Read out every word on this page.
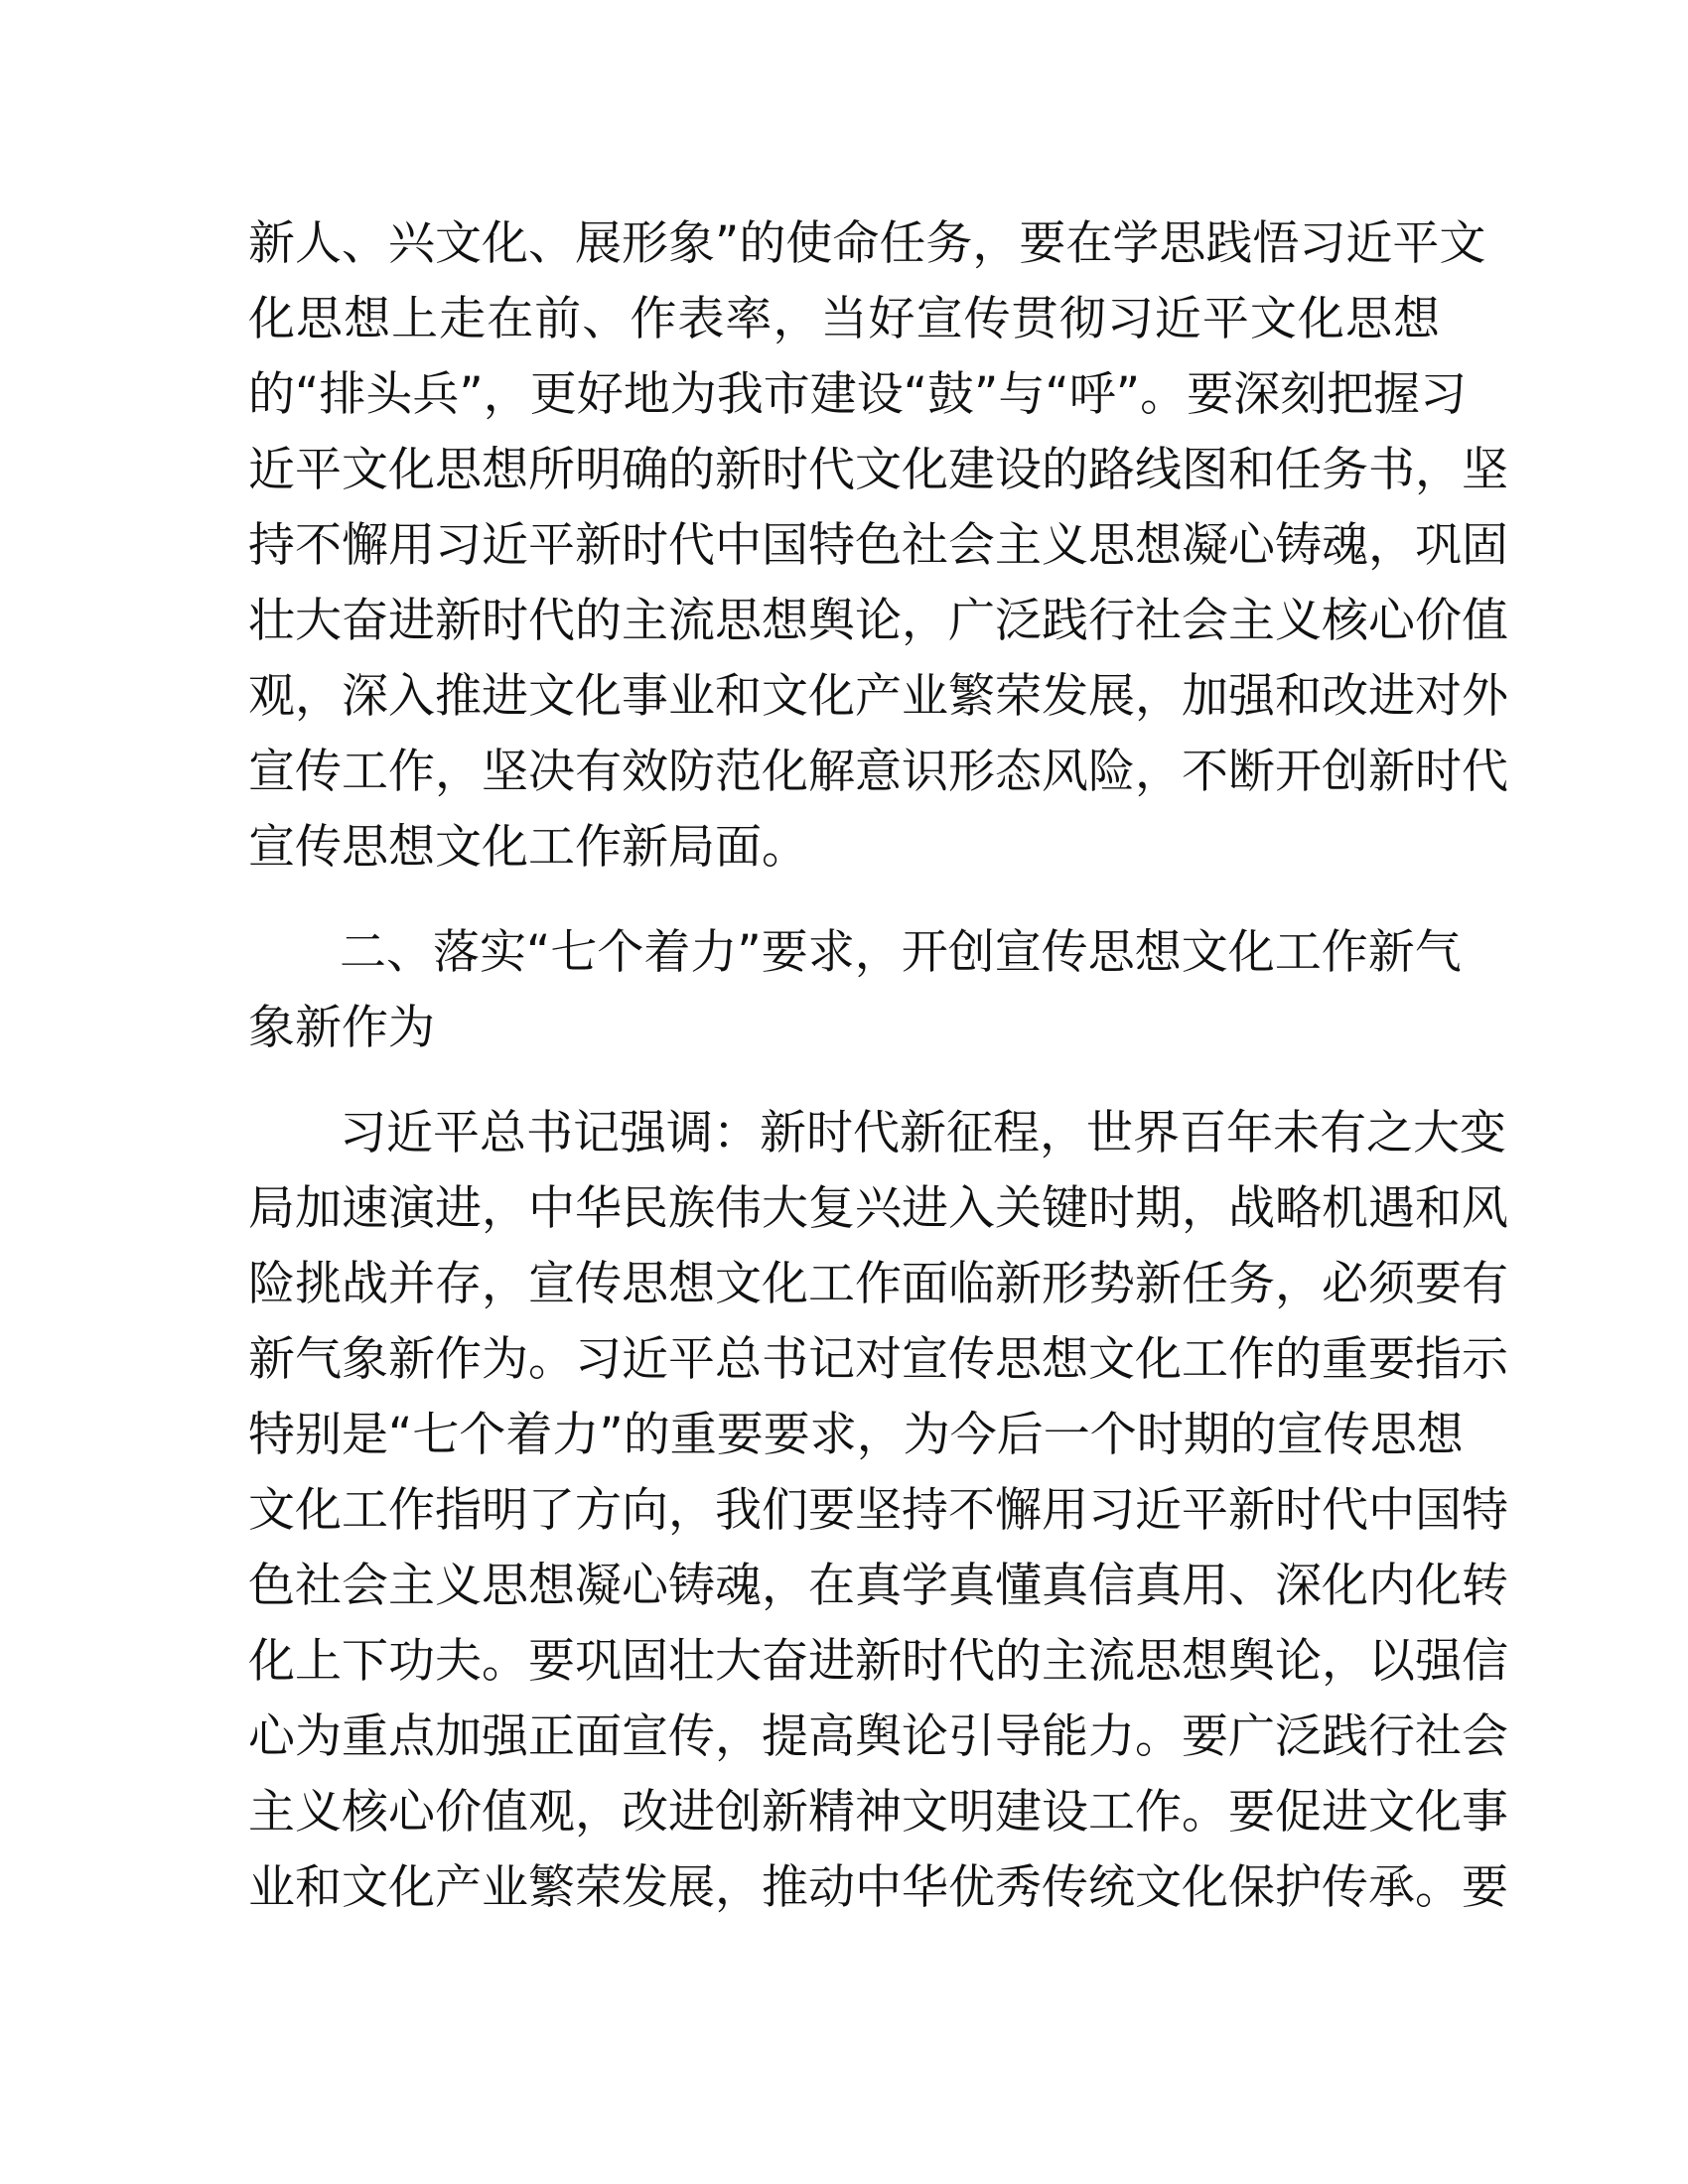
新人、兴文化、展形象”的使命任务，要在学思践悟习近平文
化思想上走在前、作表率，当好宣传贯彻习近平文化思想
的“排头兵”，更好地为我市建设“鼓”与“呼”。要深刻把握习
近平文化思想所明确的新时代文化建设的路线图和任务书，坚
持不懈用习近平新时代中国特色社会主义思想凝心铸魂，巩固
壮大奋进新时代的主流思想舆论，广泛践行社会主义核心价值
观，深入推进文化事业和文化产业繁荣发展，加强和改进对外
宣传工作，坚决有效防范化解意识形态风险，不断开创新时代
宣传思想文化工作新局面。
二、落实“七个着力”要求，开创宣传思想文化工作新气
象新作为
习近平总书记强调：新时代新征程，世界百年未有之大变
局加速演进，中华民族伟大复兴进入关键时期，战略机遇和风
险挑战并存，宣传思想文化工作面临新形势新任务，必须要有
新气象新作为。习近平总书记对宣传思想文化工作的重要指示
特别是“七个着力”的重要要求，为今后一个时期的宣传思想
文化工作指明了方向，我们要坚持不懈用习近平新时代中国特
色社会主义思想凝心铸魂，在真学真懂真信真用、深化内化转
化上下功夫。要巩固壮大奋进新时代的主流思想舆论，以强信
心为重点加强正面宣传，提高舆论引导能力。要广泛践行社会
主义核心价值观，改进创新精神文明建设工作。要促进文化事
业和文化产业繁荣发展，推动中华优秀传统文化保护传承。要
